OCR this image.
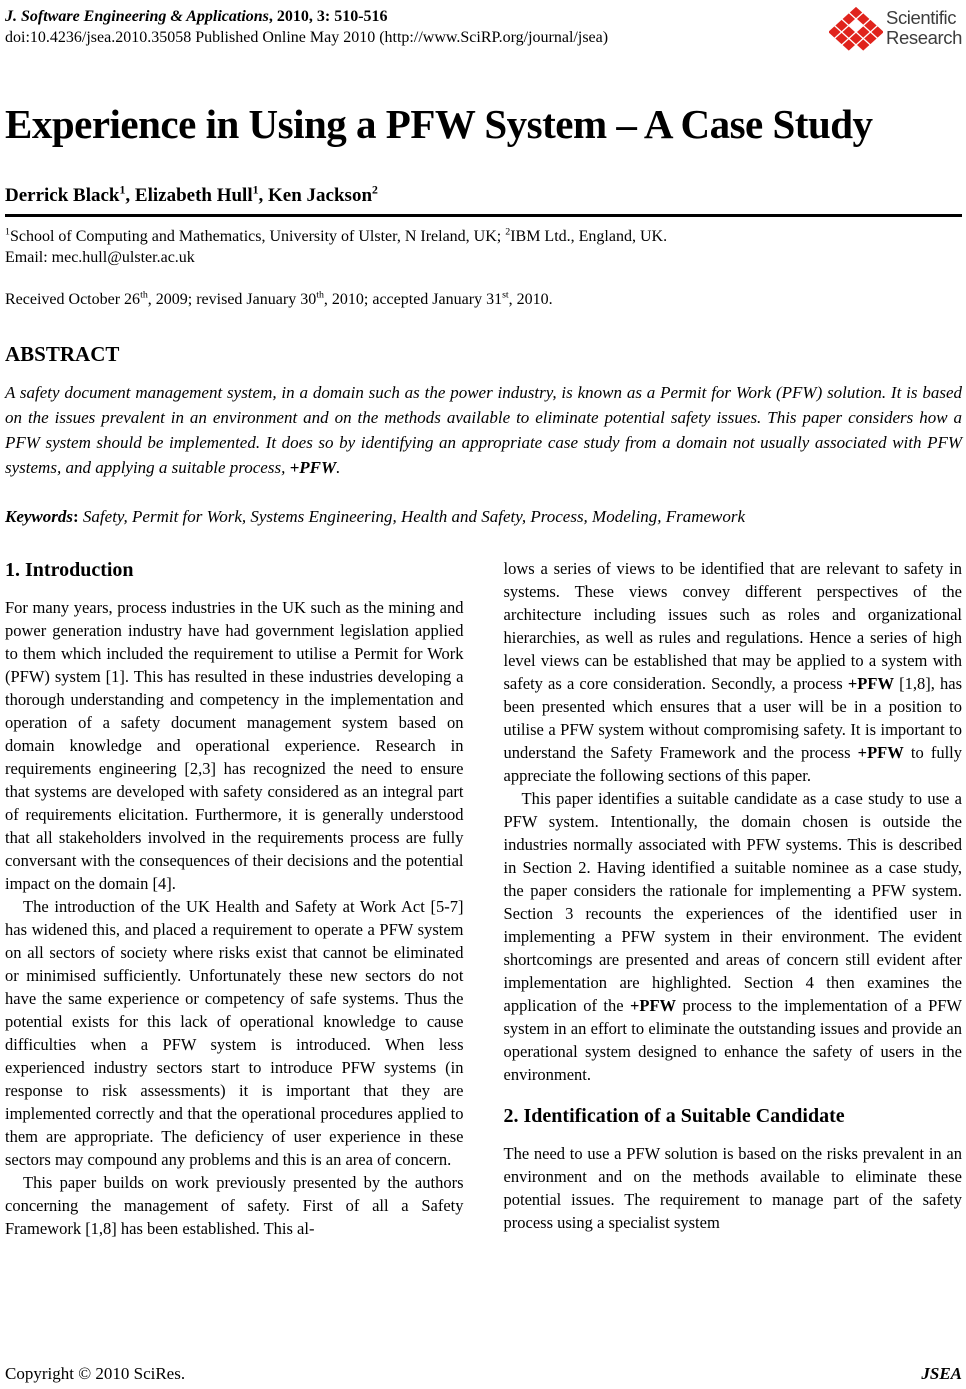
J. Software Engineering & Applications, 2010, 3: 510-516
doi:10.4236/jsea.2010.35058 Published Online May 2010 (http://www.SciRP.org/journal/jsea)
Scientific
Research
Experience in Using a PFW System – A Case Study
Derrick Black$^1$, Elizabeth Hull$^1$, Ken Jackson$^2$
$^1$School of Computing and Mathematics, University of Ulster, N Ireland, UK; $^2$IBM Ltd., England, UK.
Email: mec.hull@ulster.ac.uk
Received October 26th, 2009; revised January 30th, 2010; accepted January 31st, 2010.
ABSTRACT
A safety document management system, in a domain such as the power industry, is known as a Permit for Work (PFW) solution. It is based on the issues prevalent in an environment and on the methods available to eliminate potential safety issues. This paper considers how a PFW system should be implemented. It does so by identifying an appropriate case study from a domain not usually associated with PFW systems, and applying a suitable process, +PFW.
Keywords: Safety, Permit for Work, Systems Engineering, Health and Safety, Process, Modeling, Framework
1. Introduction

For many years, process industries in the UK such as the mining and power generation industry have had government legislation applied to them which included the requirement to utilise a Permit for Work (PFW) system [1]. This has resulted in these industries developing a thorough understanding and competency in the implementation and operation of a safety document management system based on domain knowledge and operational experience. Research in requirements engineering [2,3] has recognized the need to ensure that systems are developed with safety considered as an integral part of requirements elicitation. Furthermore, it is generally understood that all stakeholders involved in the requirements process are fully conversant with the consequences of their decisions and the potential impact on the domain [4].

The introduction of the UK Health and Safety at Work Act [5-7] has widened this, and placed a requirement to operate a PFW system on all sectors of society where risks exist that cannot be eliminated or minimised sufficiently. Unfortunately these new sectors do not have the same experience or competency of safe systems. Thus the potential exists for this lack of operational knowledge to cause difficulties when a PFW system is introduced. When less experienced industry sectors start to introduce PFW systems (in response to risk assessments) it is important that they are implemented correctly and that the operational procedures applied to them are appropriate. The deficiency of user experience in these sectors may compound any problems and this is an area of concern.

This paper builds on work previously presented by the authors concerning the management of safety. First of all a Safety Framework [1,8] has been established. This al-

lows a series of views to be identified that are relevant to safety in systems. These views convey different perspectives of the architecture including issues such as roles and organizational hierarchies, as well as rules and regulations. Hence a series of high level views can be established that may be applied to a system with safety as a core consideration. Secondly, a process +PFW [1,8], has been presented which ensures that a user will be in a position to utilise a PFW system without compromising safety. It is important to understand the Safety Framework and the process +PFW to fully appreciate the following sections of this paper.

This paper identifies a suitable candidate as a case study to use a PFW system. Intentionally, the domain chosen is outside the industries normally associated with PFW systems. This is described in Section 2. Having identified a suitable nominee as a case study, the paper considers the rationale for implementing a PFW system. Section 3 recounts the experiences of the identified user in implementing a PFW system in their environment. The evident shortcomings are presented and areas of concern still evident after implementation are highlighted. Section 4 then examines the application of the +PFW process to the implementation of a PFW system in an effort to eliminate the outstanding issues and provide an operational system designed to enhance the safety of users in the environment.

2. Identification of a Suitable Candidate

The need to use a PFW solution is based on the risks prevalent in an environment and on the methods available to eliminate these potential issues. The requirement to manage part of the safety process using a specialist system

Copyright © 2010 SciRes.	JSEA
